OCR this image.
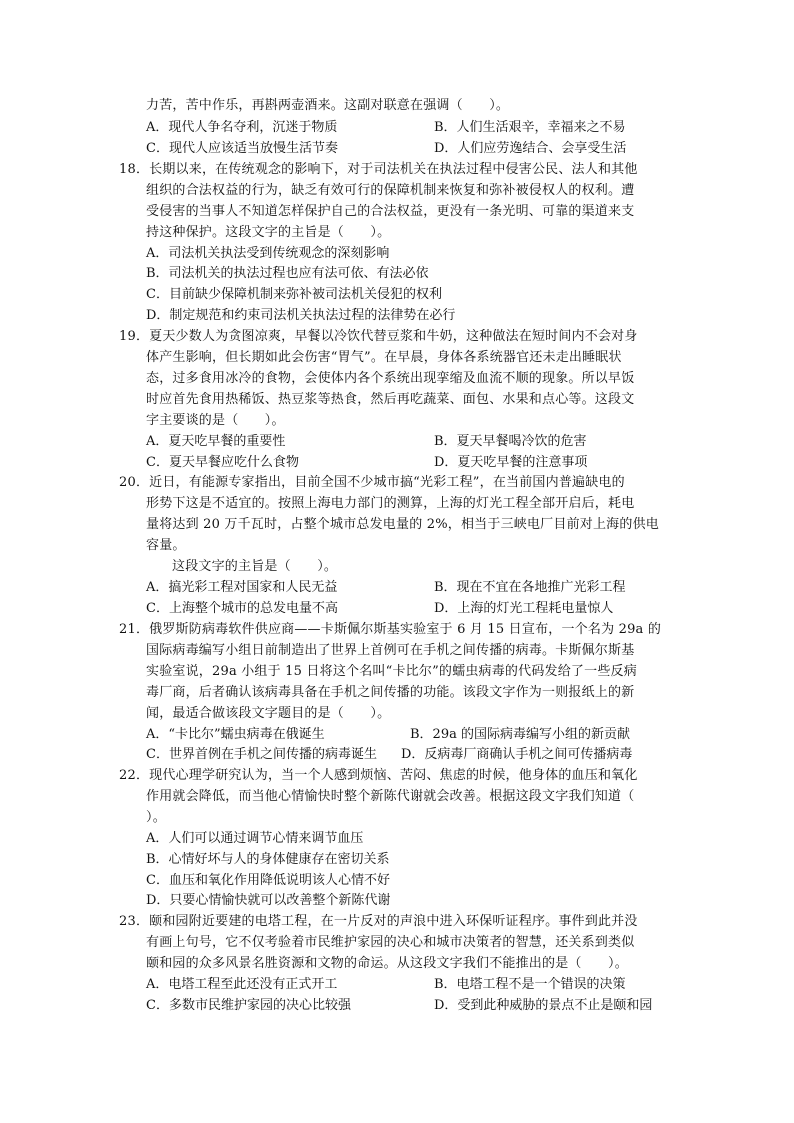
力苦，苦中作乐，再斟两壶酒来。这副对联意在强调（　　）。
A．现代人争名夺利，沉迷于物质	B．人们生活艰辛，幸福来之不易
C．现代人应该适当放慢生活节奏	D．人们应劳逸结合、会享受生活
18．长期以来，在传统观念的影响下，对于司法机关在执法过程中侵害公民、法人和其他
组织的合法权益的行为，缺乏有效可行的保障机制来恢复和弥补被侵权人的权利。遭
受侵害的当事人不知道怎样保护自己的合法权益，更没有一条光明、可靠的渠道来支
持这种保护。这段文字的主旨是（　　）。
A．司法机关执法受到传统观念的深刻影响
B．司法机关的执法过程也应有法可依、有法必依
C．目前缺少保障机制来弥补被司法机关侵犯的权利
D．制定规范和约束司法机关执法过程的法律势在必行
19．夏天少数人为贪图凉爽，早餐以冷饮代替豆浆和牛奶，这种做法在短时间内不会对身
体产生影响，但长期如此会伤害“胃气”。在早晨，身体各系统器官还未走出睡眠状
态，过多食用冰冷的食物，会使体内各个系统出现挛缩及血流不顺的现象。所以早饭
时应首先食用热稀饭、热豆浆等热食，然后再吃蔬菜、面包、水果和点心等。这段文
字主要谈的是（　　）。
A．夏天吃早餐的重要性	B．夏天早餐喝冷饮的危害
C．夏天早餐应吃什么食物	D．夏天吃早餐的注意事项
20．近日，有能源专家指出，目前全国不少城市搞“光彩工程”，在当前国内普遍缺电的
形势下这是不适宜的。按照上海电力部门的测算，上海的灯光工程全部开启后，耗电
量将达到 20 万千瓦时，占整个城市总发电量的 2%，相当于三峡电厂目前对上海的供电
容量。
这段文字的主旨是（　　）。
A．搞光彩工程对国家和人民无益	B．现在不宜在各地推广光彩工程
C．上海整个城市的总发电量不高	D．上海的灯光工程耗电量惊人
21．俄罗斯防病毒软件供应商——卡斯佩尔斯基实验室于 6 月 15 日宣布，一个名为 29a 的
国际病毒编写小组日前制造出了世界上首例可在手机之间传播的病毒。卡斯佩尔斯基
实验室说，29a 小组于 15 日将这个名叫“卡比尔”的蠕虫病毒的代码发给了一些反病
毒厂商，后者确认该病毒具备在手机之间传播的功能。该段文字作为一则报纸上的新
闻，最适合做该段文字题目的是（　　）。
A．“卡比尔”蠕虫病毒在俄诞生	B．29a 的国际病毒编写小组的新贡献
C．世界首例在手机之间传播的病毒诞生 D．反病毒厂商确认手机之间可传播病毒
22．现代心理学研究认为，当一个人感到烦恼、苦闷、焦虑的时候，他身体的血压和氧化
作用就会降低，而当他心情愉快时整个新陈代谢就会改善。根据这段文字我们知道（
）。
A．人们可以通过调节心情来调节血压
B．心情好坏与人的身体健康存在密切关系
C．血压和氧化作用降低说明该人心情不好
D．只要心情愉快就可以改善整个新陈代谢
23．颐和园附近要建的电塔工程，在一片反对的声浪中进入环保听证程序。事件到此并没
有画上句号，它不仅考验着市民维护家园的决心和城市决策者的智慧，还关系到类似
颐和园的众多风景名胜资源和文物的命运。从这段文字我们不能推出的是（　　）。
A．电塔工程至此还没有正式开工	B．电塔工程不是一个错误的决策
C．多数市民维护家园的决心比较强	D．受到此种威胁的景点不止是颐和园
